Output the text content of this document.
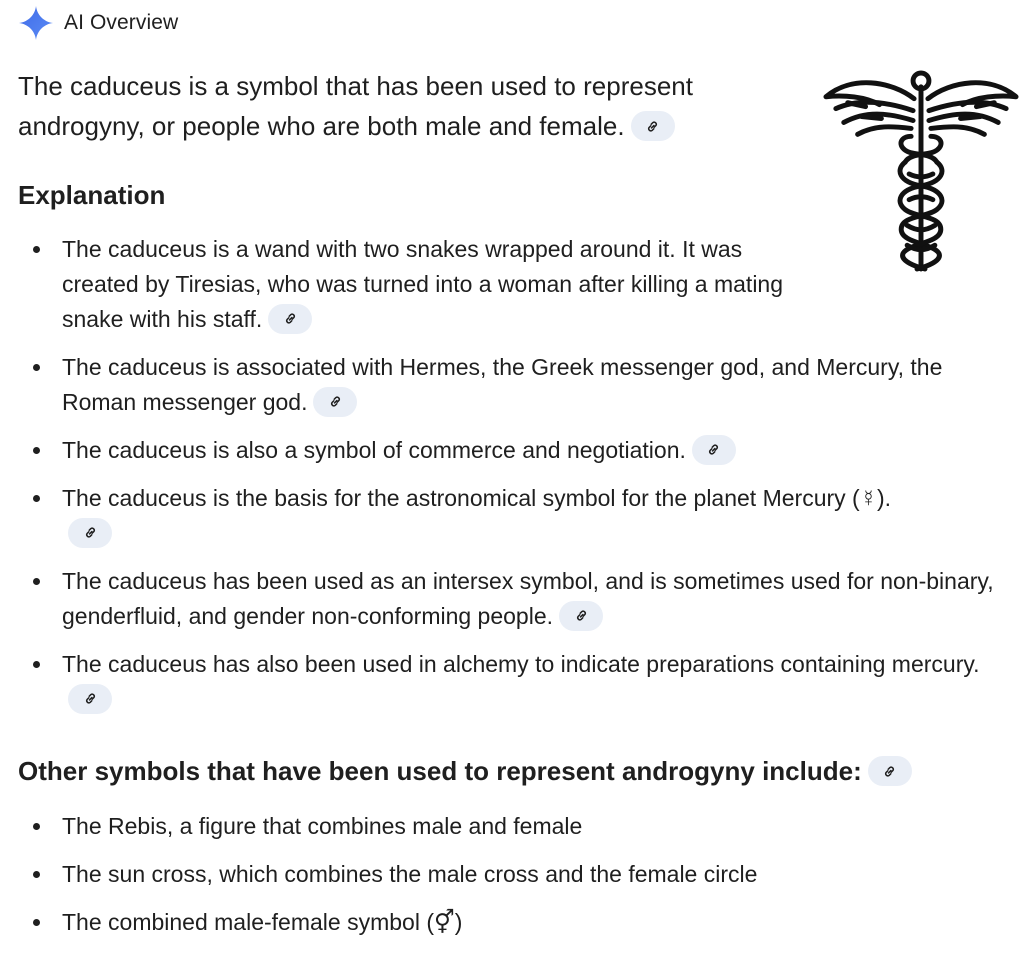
AI Overview
The caduceus is a symbol that has been used to represent androgyny, or people who are both male and female.
Explanation
The caduceus is a wand with two snakes wrapped around it. It was created by Tiresias, who was turned into a woman after killing a mating snake with his staff.
The caduceus is associated with Hermes, the Greek messenger god, and Mercury, the Roman messenger god.
The caduceus is also a symbol of commerce and negotiation.
The caduceus is the basis for the astronomical symbol for the planet Mercury (☿).
The caduceus has been used as an intersex symbol, and is sometimes used for non-binary, genderfluid, and gender non-conforming people.
The caduceus has also been used in alchemy to indicate preparations containing mercury.
Other symbols that have been used to represent androgyny include:
The Rebis, a figure that combines male and female
The sun cross, which combines the male cross and the female circle
The combined male-female symbol (⚥)
